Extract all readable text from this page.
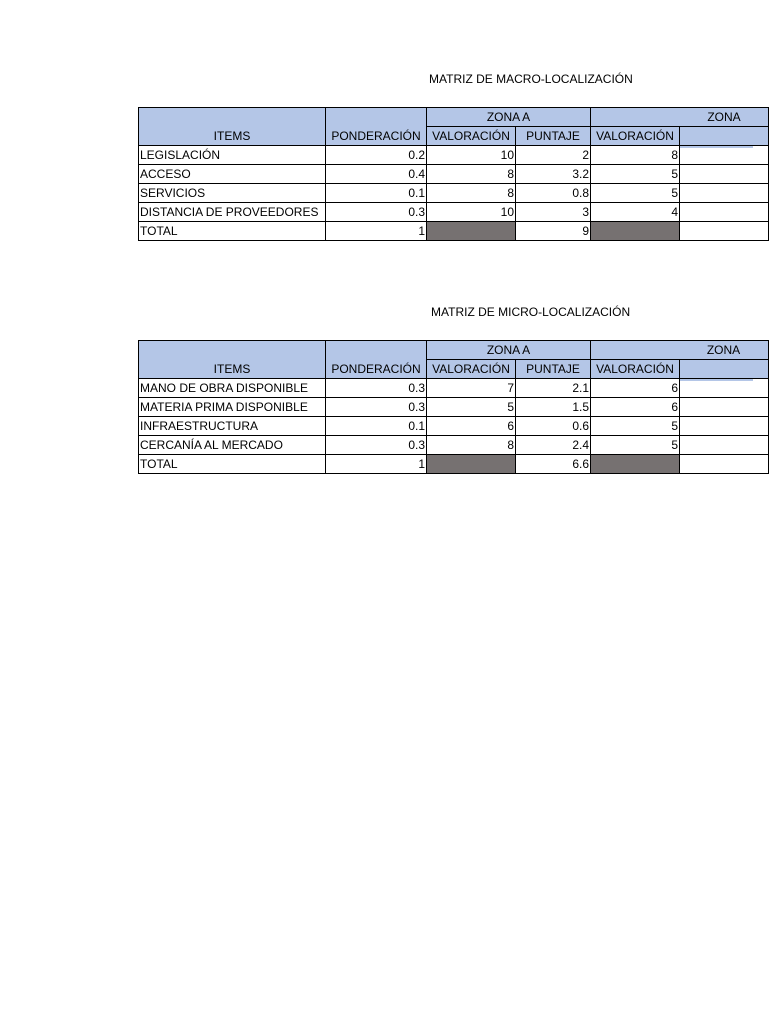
MATRIZ DE MACRO-LOCALIZACIÓN
ITEMS	PONDERACIÓN	ZONA A		ZONA	
		VALORACIÓN	PUNTAJE	VALORACIÓN	
LEGISLACIÓN	0.2	10	2	8	
ACCESO	0.4	8	3.2	5	
SERVICIOS	0.1	8	0.8	5	
DISTANCIA DE PROVEEDORES	0.3	10	3	4	
TOTAL	1		9		
MATRIZ DE MICRO-LOCALIZACIÓN
ITEMS	PONDERACIÓN	ZONA A		ZONA	
		VALORACIÓN	PUNTAJE	VALORACIÓN	
MANO DE OBRA DISPONIBLE	0.3	7	2.1	6	
MATERIA PRIMA DISPONIBLE	0.3	5	1.5	6	
INFRAESTRUCTURA	0.1	6	0.6	5	
CERCANÍA AL MERCADO	0.3	8	2.4	5	
TOTAL	1		6.6		
